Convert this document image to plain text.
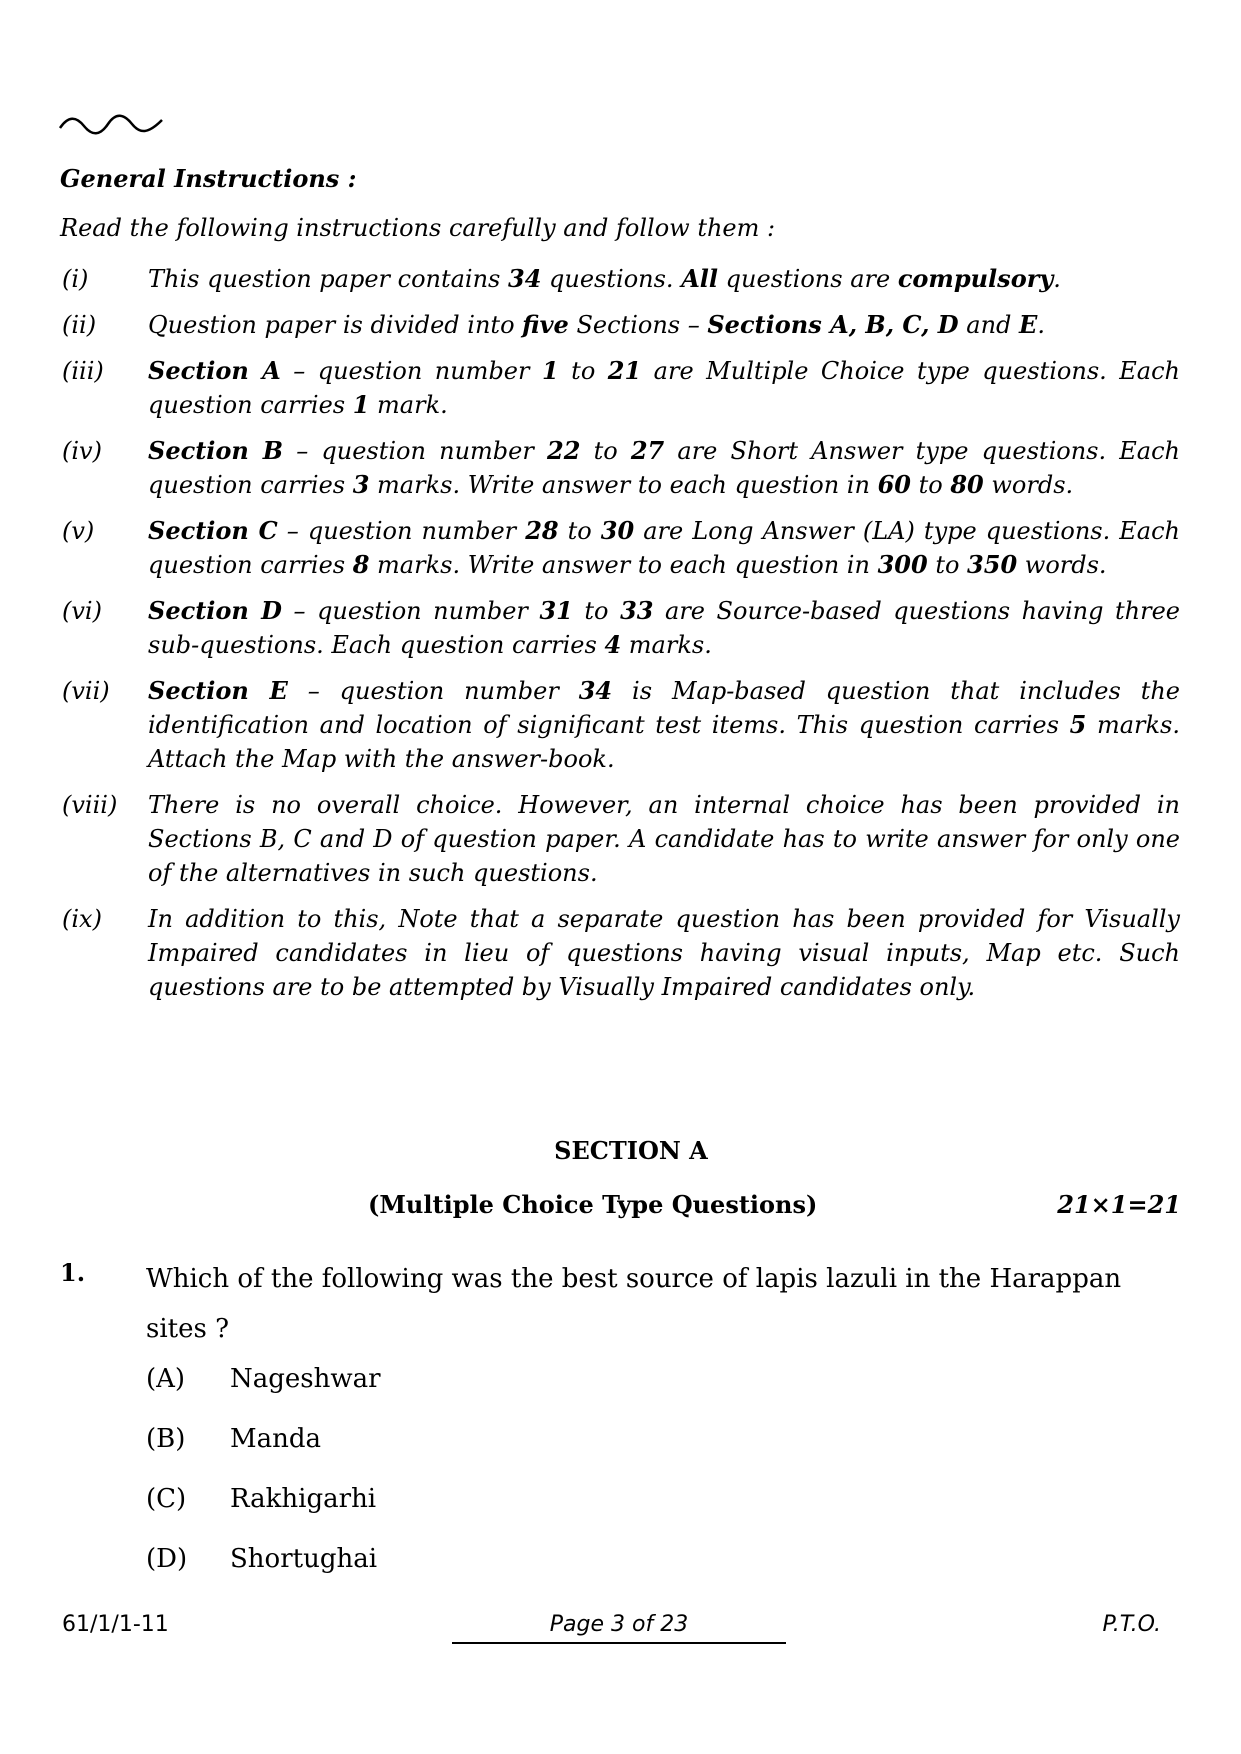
General Instructions :
Read the following instructions carefully and follow them :
(i)	This question paper contains 34 questions. All questions are compulsory.
(ii)	Question paper is divided into five Sections – Sections A, B, C, D and E.
(iii)	Section A – question number 1 to 21 are Multiple Choice type questions. Each question carries 1 mark.
(iv)	Section B – question number 22 to 27 are Short Answer type questions. Each question carries 3 marks. Write answer to each question in 60 to 80 words.
(v)	Section C – question number 28 to 30 are Long Answer (LA) type questions. Each question carries 8 marks. Write answer to each question in 300 to 350 words.
(vi)	Section D – question number 31 to 33 are Source-based questions having three sub-questions. Each question carries 4 marks.
(vii)	Section E – question number 34 is Map-based question that includes the identification and location of significant test items. This question carries 5 marks. Attach the Map with the answer-book.
(viii)	There is no overall choice. However, an internal choice has been provided in Sections B, C and D of question paper. A candidate has to write answer for only one of the alternatives in such questions.
(ix)	In addition to this, Note that a separate question has been provided for Visually Impaired candidates in lieu of questions having visual inputs, Map etc. Such questions are to be attempted by Visually Impaired candidates only.
SECTION A
(Multiple Choice Type Questions)	21×1=21
1. Which of the following was the best source of lapis lazuli in the Harappan sites ?
(A)	Nageshwar
(B)	Manda
(C)	Rakhigarhi
(D)	Shortughai
61/1/1-11	Page 3 of 23	P.T.O.
